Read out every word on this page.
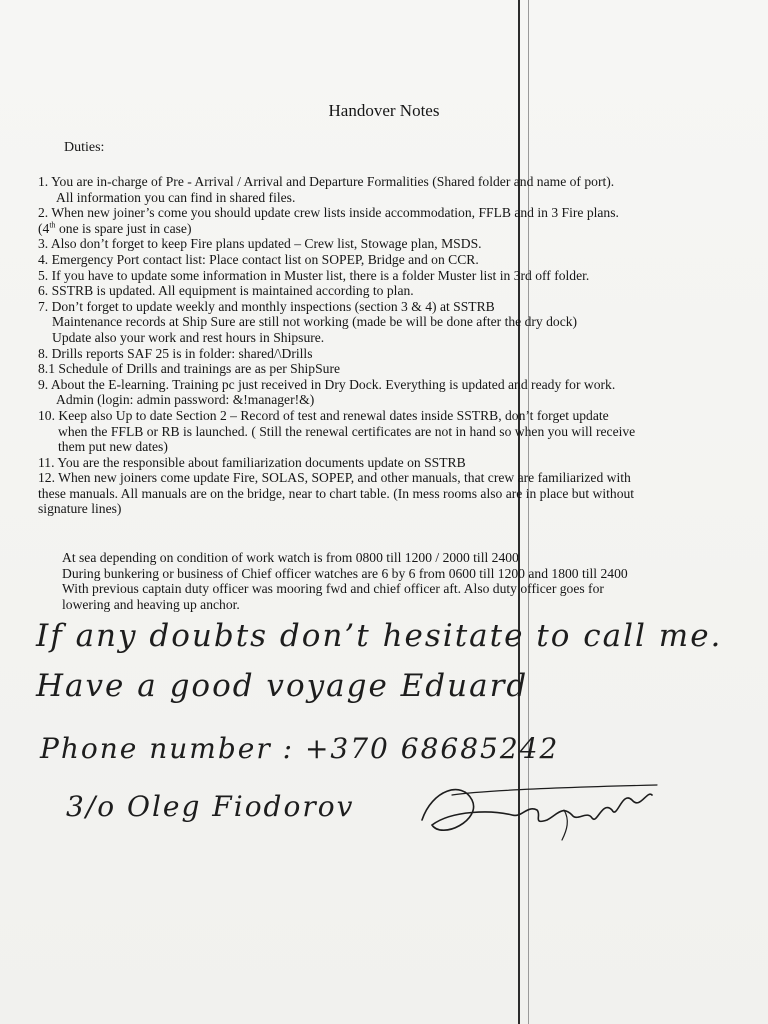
Handover Notes
Duties:
1. You are in-charge of Pre - Arrival / Arrival and Departure Formalities (Shared folder and name of port).
All information you can find in shared files.
2. When new joiner’s come you should update crew lists inside accommodation, FFLB and in 3 Fire plans.
(4th one is spare just in case)
3. Also don’t forget to keep Fire plans updated – Crew list, Stowage plan, MSDS.
4. Emergency Port contact list: Place contact list on SOPEP, Bridge and on CCR.
5. If you have to update some information in Muster list, there is a folder Muster list in 3rd off folder.
6. SSTRB is updated. All equipment is maintained according to plan.
7. Don’t forget to update weekly and monthly inspections (section 3 & 4) at SSTRB
Maintenance records at Ship Sure are still not working (made be will be done after the dry dock)
Update also your work and rest hours in Shipsure.
8. Drills reports SAF 25 is in folder: shared/\Drills
8.1 Schedule of Drills and trainings are as per ShipSure
9. About the E-learning. Training pc just received in Dry Dock. Everything is updated and ready for work.
Admin (login: admin password: &!manager!&)
10. Keep also Up to date Section 2 – Record of test and renewal dates inside SSTRB, don’t forget update
when the FFLB or RB is launched. ( Still the renewal certificates are not in hand so when you will receive
them put new dates)
11. You are the responsible about familiarization documents update on SSTRB
12. When new joiners come update Fire, SOLAS, SOPEP, and other manuals, that crew are familiarized with
these manuals. All manuals are on the bridge, near to chart table. (In mess rooms also are in place but without
signature lines)
At sea depending on condition of work watch is from 0800 till 1200 / 2000 till 2400
During bunkering or business of Chief officer watches are 6 by 6 from 0600 till 1200 and 1800 till 2400
With previous captain duty officer was mooring fwd and chief officer aft. Also duty officer goes for
lowering and heaving up anchor.
If any doubts don’t hesitate to call me.
Have a good voyage Eduard
Phone number : +370 68685242
3/o Oleg Fiodorov
